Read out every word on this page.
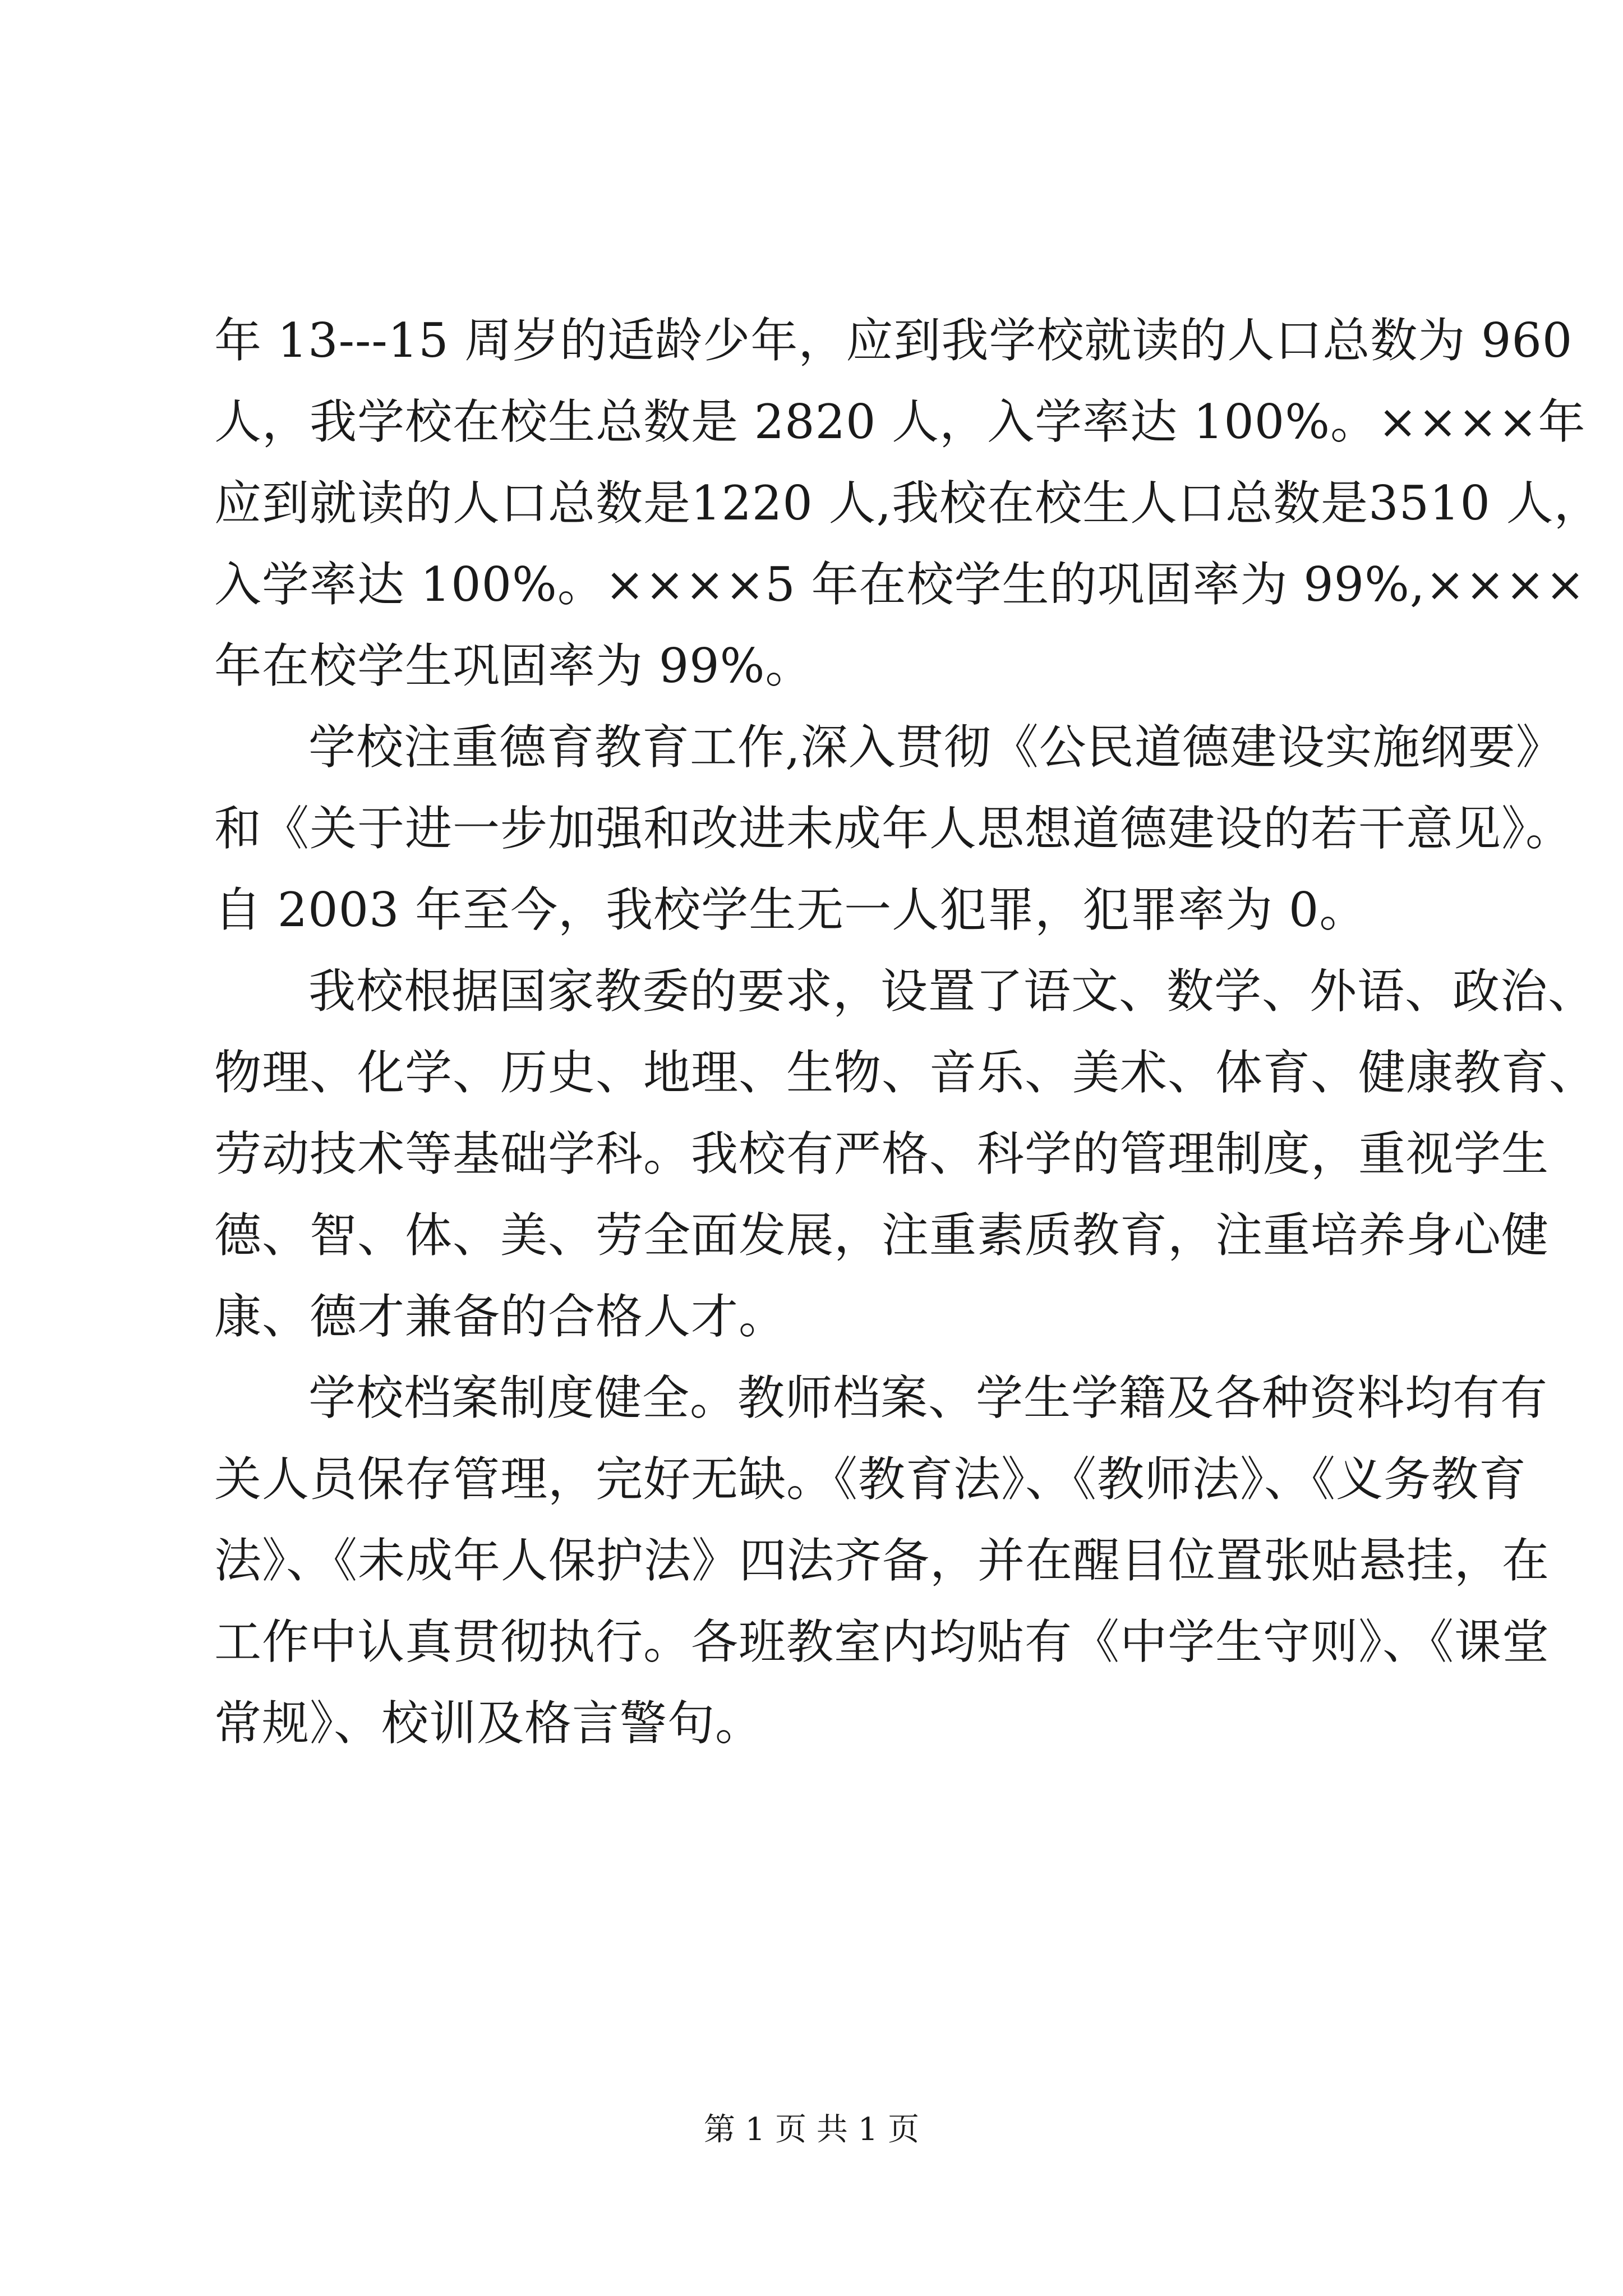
年 13---15 周岁的适龄少年，应到我学校就读的人口总数为 960
人，我学校在校生总数是 2820 人，入学率达 100%。××××年
应到就读的人口总数是1220 人,我校在校生人口总数是3510 人，
入学率达 100%。××××5 年在校学生的巩固率为 99%,××××
年在校学生巩固率为 99%。

学校注重德育教育工作,深入贯彻《公民道德建设实施纲要》
和《关于进一步加强和改进未成年人思想道德建设的若干意见》。
自 2003 年至今，我校学生无一人犯罪，犯罪率为 0。

我校根据国家教委的要求，设置了语文、数学、外语、政治、
物理、化学、历史、地理、生物、音乐、美术、体育、健康教育、
劳动技术等基础学科。我校有严格、科学的管理制度，重视学生
德、智、体、美、劳全面发展，注重素质教育，注重培养身心健
康、德才兼备的合格人才。

学校档案制度健全。教师档案、学生学籍及各种资料均有有
关人员保存管理，完好无缺。《教育法》、《教师法》、《义务教育
法》、《未成年人保护法》四法齐备，并在醒目位置张贴悬挂，在
工作中认真贯彻执行。各班教室内均贴有《中学生守则》、《课堂
常规》、校训及格言警句。

第 1 页 共 1 页
